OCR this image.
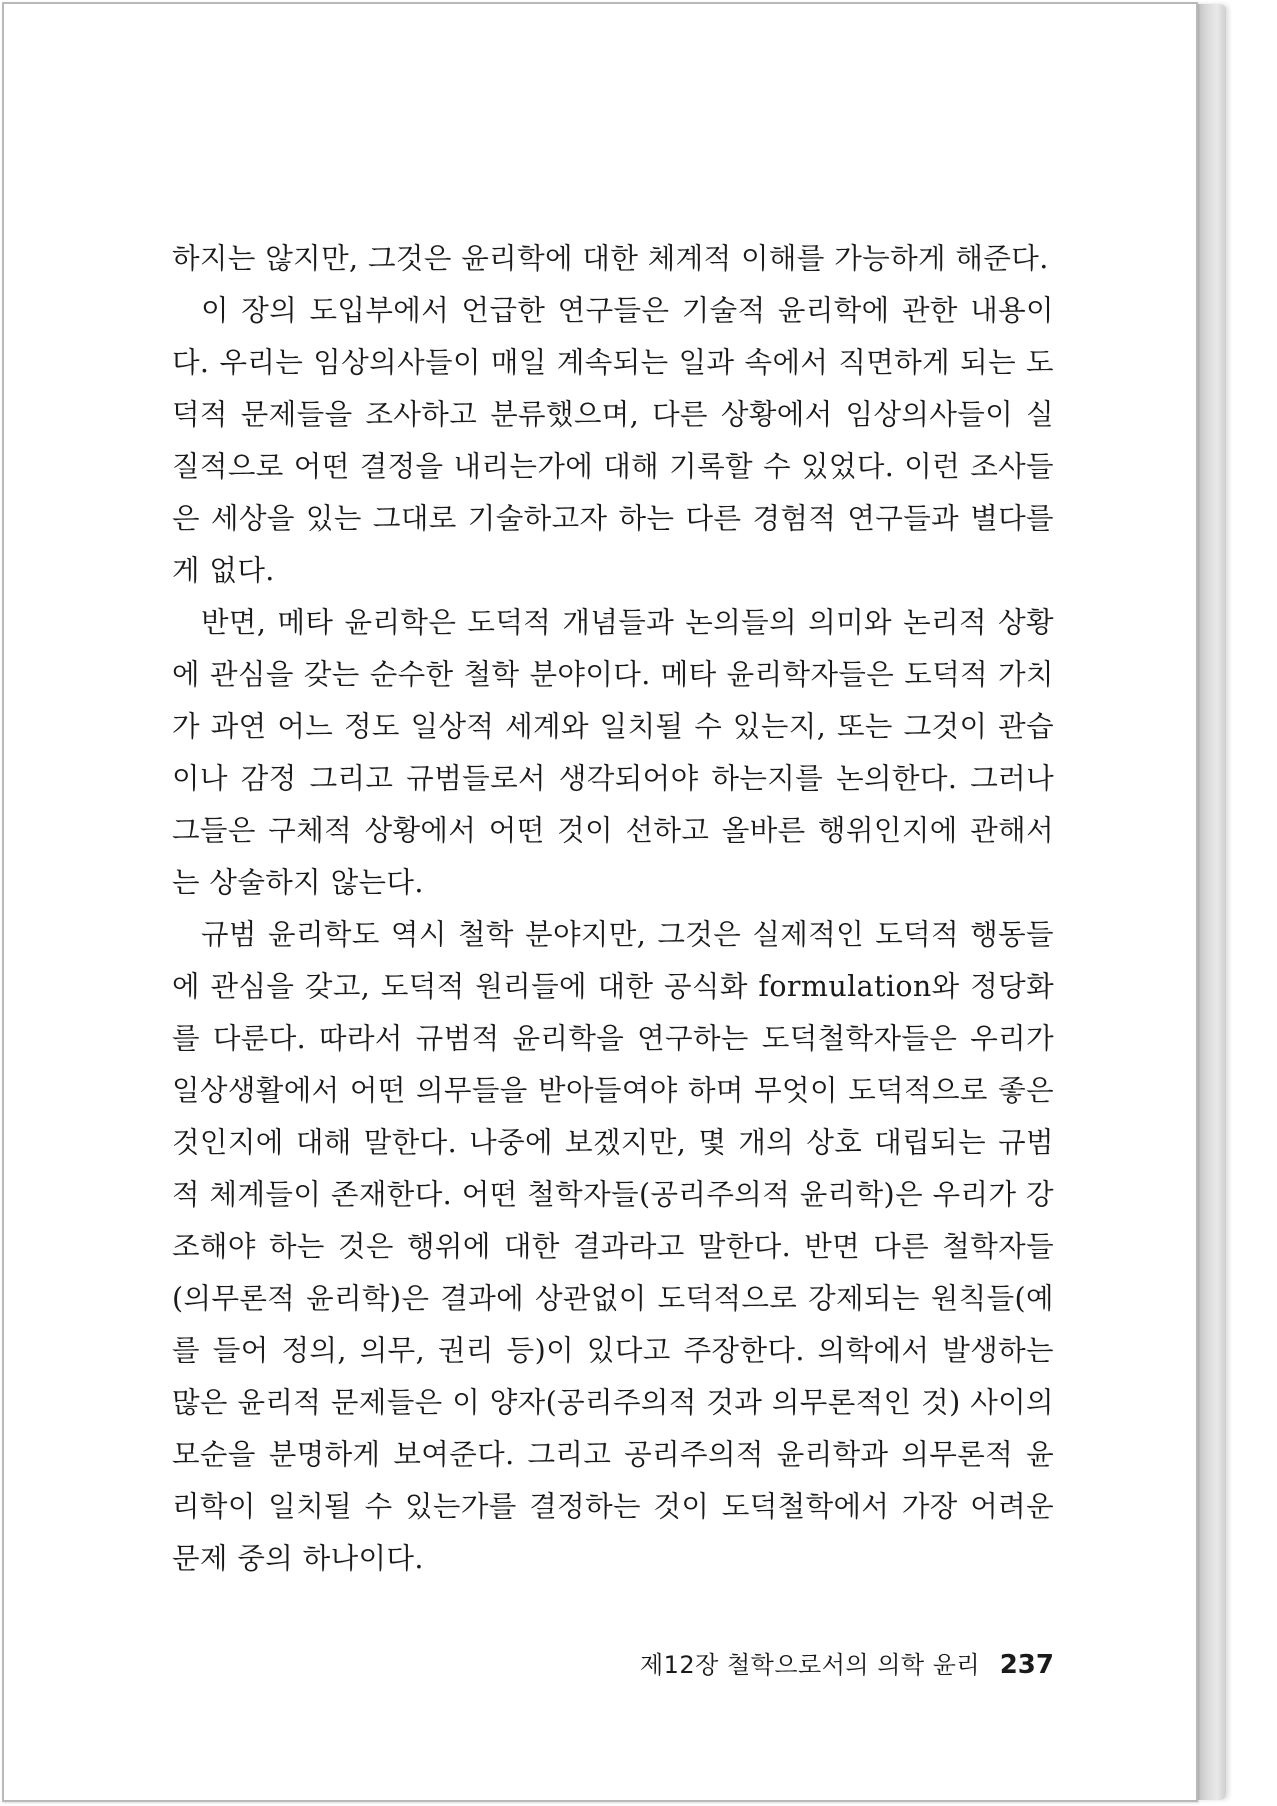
하지는 않지만, 그것은 윤리학에 대한 체계적 이해를 가능하게 해준다.

이 장의 도입부에서 언급한 연구들은 기술적 윤리학에 관한 내용이다. 우리는 임상의사들이 매일 계속되는 일과 속에서 직면하게 되는 도덕적 문제들을 조사하고 분류했으며, 다른 상황에서 임상의사들이 실질적으로 어떤 결정을 내리는가에 대해 기록할 수 있었다. 이런 조사들은 세상을 있는 그대로 기술하고자 하는 다른 경험적 연구들과 별다를 게 없다.

반면, 메타 윤리학은 도덕적 개념들과 논의들의 의미와 논리적 상황에 관심을 갖는 순수한 철학 분야이다. 메타 윤리학자들은 도덕적 가치가 과연 어느 정도 일상적 세계와 일치될 수 있는지, 또는 그것이 관습이나 감정 그리고 규범들로서 생각되어야 하는지를 논의한다. 그러나 그들은 구체적 상황에서 어떤 것이 선하고 올바른 행위인지에 관해서는 상술하지 않는다.

규범 윤리학도 역시 철학 분야지만, 그것은 실제적인 도덕적 행동들에 관심을 갖고, 도덕적 원리들에 대한 공식화 formulation와 정당화를 다룬다. 따라서 규범적 윤리학을 연구하는 도덕철학자들은 우리가 일상생활에서 어떤 의무들을 받아들여야 하며 무엇이 도덕적으로 좋은 것인지에 대해 말한다. 나중에 보겠지만, 몇 개의 상호 대립되는 규범적 체계들이 존재한다. 어떤 철학자들(공리주의적 윤리학)은 우리가 강조해야 하는 것은 행위에 대한 결과라고 말한다. 반면 다른 철학자들(의무론적 윤리학)은 결과에 상관없이 도덕적으로 강제되는 원칙들(예를 들어 정의, 의무, 권리 등)이 있다고 주장한다. 의학에서 발생하는 많은 윤리적 문제들은 이 양자(공리주의적 것과 의무론적인 것) 사이의 모순을 분명하게 보여준다. 그리고 공리주의적 윤리학과 의무론적 윤리학이 일치될 수 있는가를 결정하는 것이 도덕철학에서 가장 어려운 문제 중의 하나이다.

제12장 철학으로서의 의학 윤리 237
